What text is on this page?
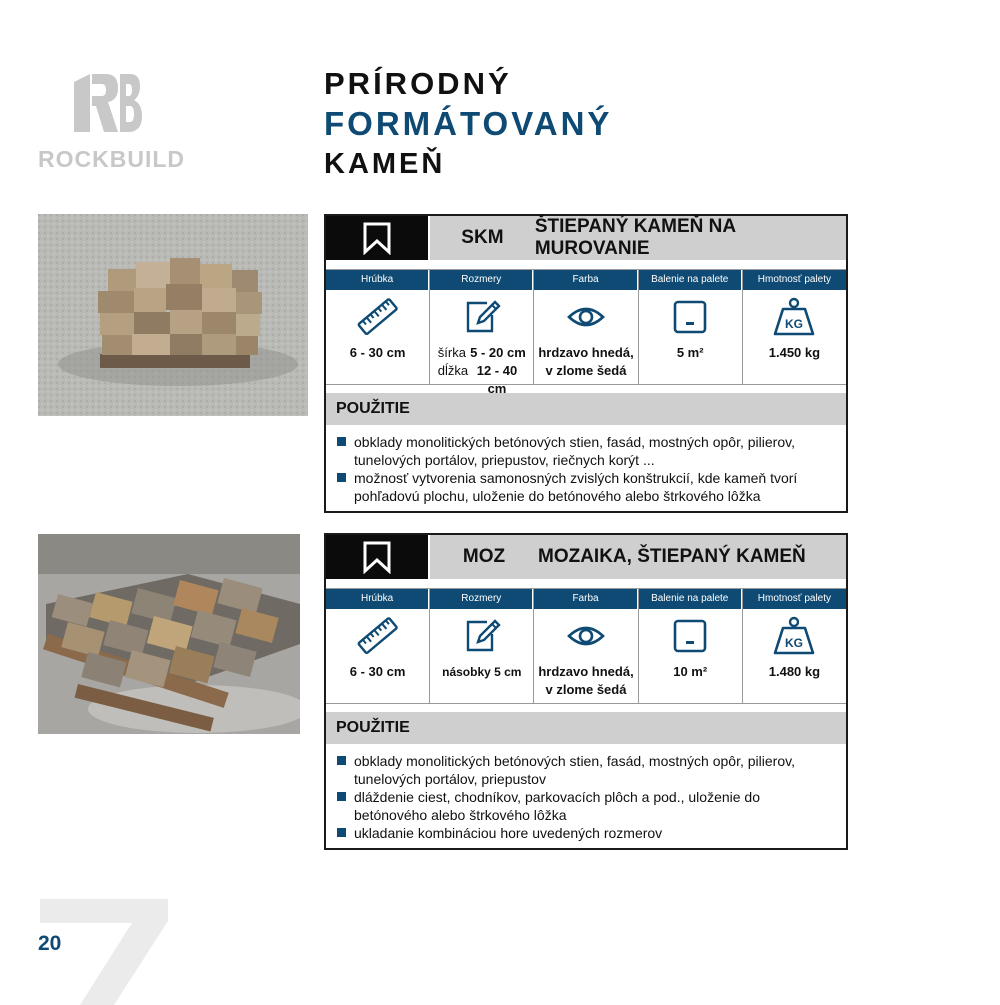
ROCKBUILD
PRÍRODNÝ
FORMÁTOVANÝ
KAMEŇ
SKM
ŠTIEPANÝ KAMEŇ NA MUROVANIE
Hrúbka
6 - 30 cm
Rozmery
šírka 5 - 20 cm
dĺžka 12 - 40 cm
Farba
hrdzavo hnedá,
v zlome šedá
Balenie na palete
5 m²
Hmotnosť palety
KG
1.450 kg
POUŽITIE
obklady monolitických betónových stien, fasád, mostných opôr, pilierov, tunelových portálov, priepustov, riečnych korýt ...
možnosť vytvorenia samonosných zvislých konštrukcií, kde kameň tvorí pohľadovú plochu, uloženie do betónového alebo štrkového lôžka
MOZ	MOZAIKA, ŠTIEPANÝ KAMEŇ
Hrúbka
6 - 30 cm
Rozmery
násobky 5 cm
Farba
hrdzavo hnedá,
v zlome šedá
Balenie na palete
10 m²
Hmotnosť palety
KG
1.480 kg
POUŽITIE
obklady monolitických betónových stien, fasád, mostných opôr, pilierov, tunelových portálov, priepustov
dláždenie ciest, chodníkov, parkovacích plôch a pod., uloženie do betónového alebo štrkového lôžka
ukladanie kombináciou hore uvedených rozmerov
7
20
